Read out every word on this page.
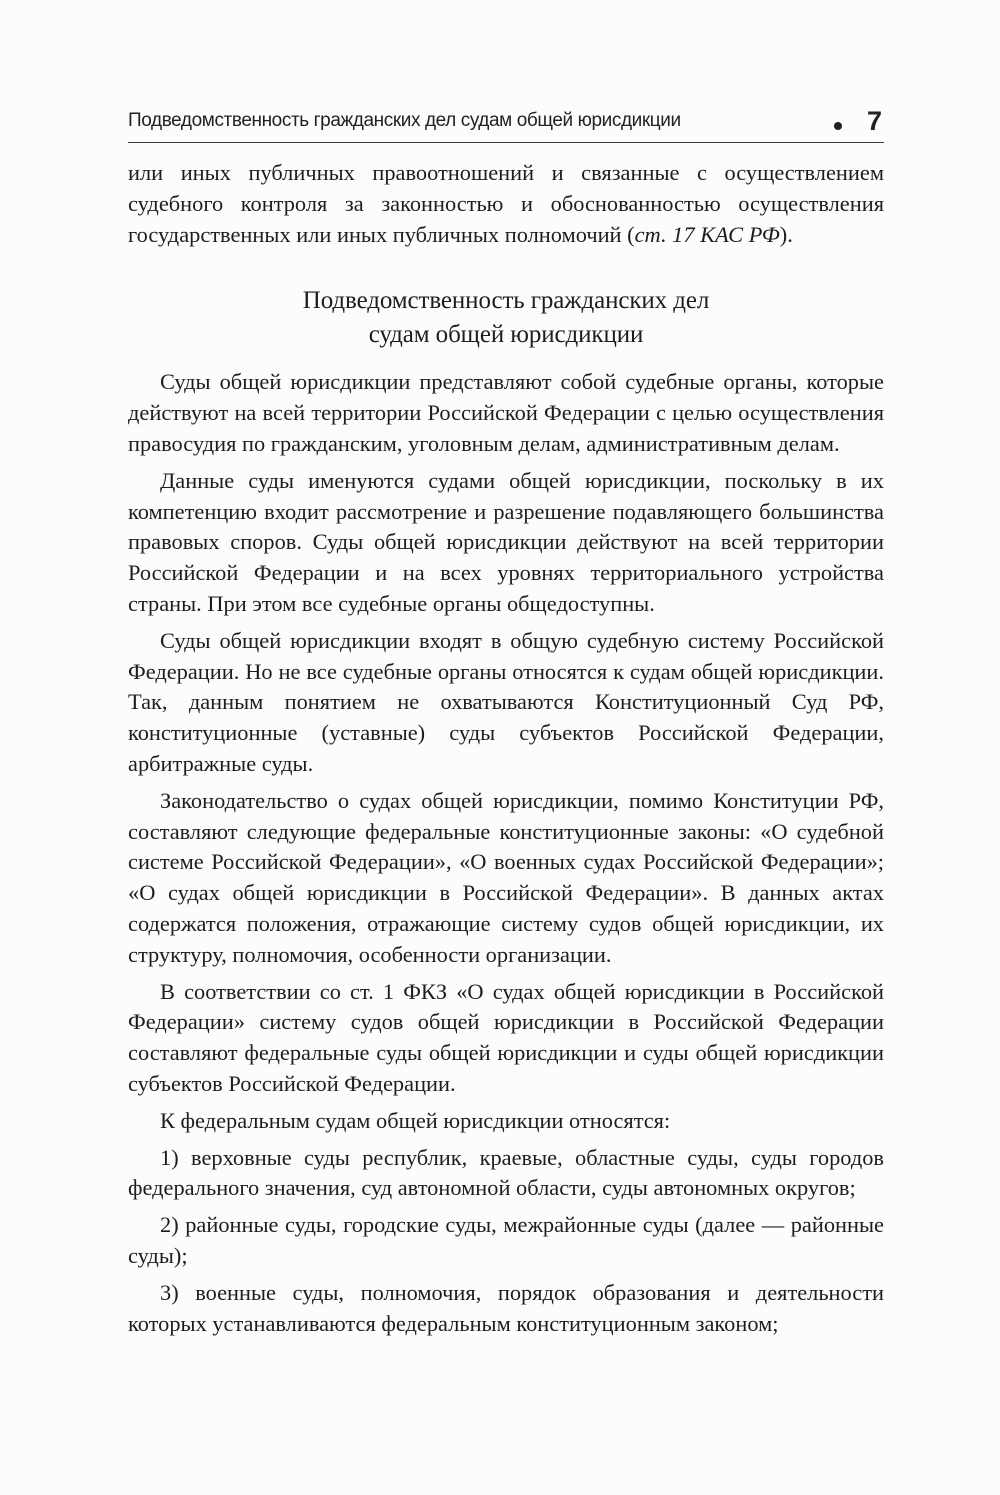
Подведомственность гражданских дел судам общей юрисдикции	7

или иных публичных правоотношений и связанные с осуществлением судебного контроля за законностью и обоснованностью осуществления государственных или иных публичных полномочий (ст. 17 КАС РФ).

Подведомственность гражданских дел
судам общей юрисдикции

Суды общей юрисдикции представляют собой судебные органы, которые действуют на всей территории Российской Федерации с целью осуществления правосудия по гражданским, уголовным делам, административным делам.

Данные суды именуются судами общей юрисдикции, поскольку в их компетенцию входит рассмотрение и разрешение подавляющего большинства правовых споров. Суды общей юрисдикции действуют на всей территории Российской Федерации и на всех уровнях территориального устройства страны. При этом все судебные органы общедоступны.

Суды общей юрисдикции входят в общую судебную систему Российской Федерации. Но не все судебные органы относятся к судам общей юрисдикции. Так, данным понятием не охватываются Конституционный Суд РФ, конституционные (уставные) суды субъектов Российской Федерации, арбитражные суды.

Законодательство о судах общей юрисдикции, помимо Конституции РФ, составляют следующие федеральные конституционные законы: «О судебной системе Российской Федерации», «О военных судах Российской Федерации»; «О судах общей юрисдикции в Российской Федерации». В данных актах содержатся положения, отражающие систему судов общей юрисдикции, их структуру, полномочия, особенности организации.

В соответствии со ст. 1 ФКЗ «О судах общей юрисдикции в Российской Федерации» систему судов общей юрисдикции в Российской Федерации составляют федеральные суды общей юрисдикции и суды общей юрисдикции субъектов Российской Федерации.

К федеральным судам общей юрисдикции относятся:

1) верховные суды республик, краевые, областные суды, суды городов федерального значения, суд автономной области, суды автономных округов;

2) районные суды, городские суды, межрайонные суды (далее — районные суды);

3) военные суды, полномочия, порядок образования и деятельности которых устанавливаются федеральным конституционным законом;
